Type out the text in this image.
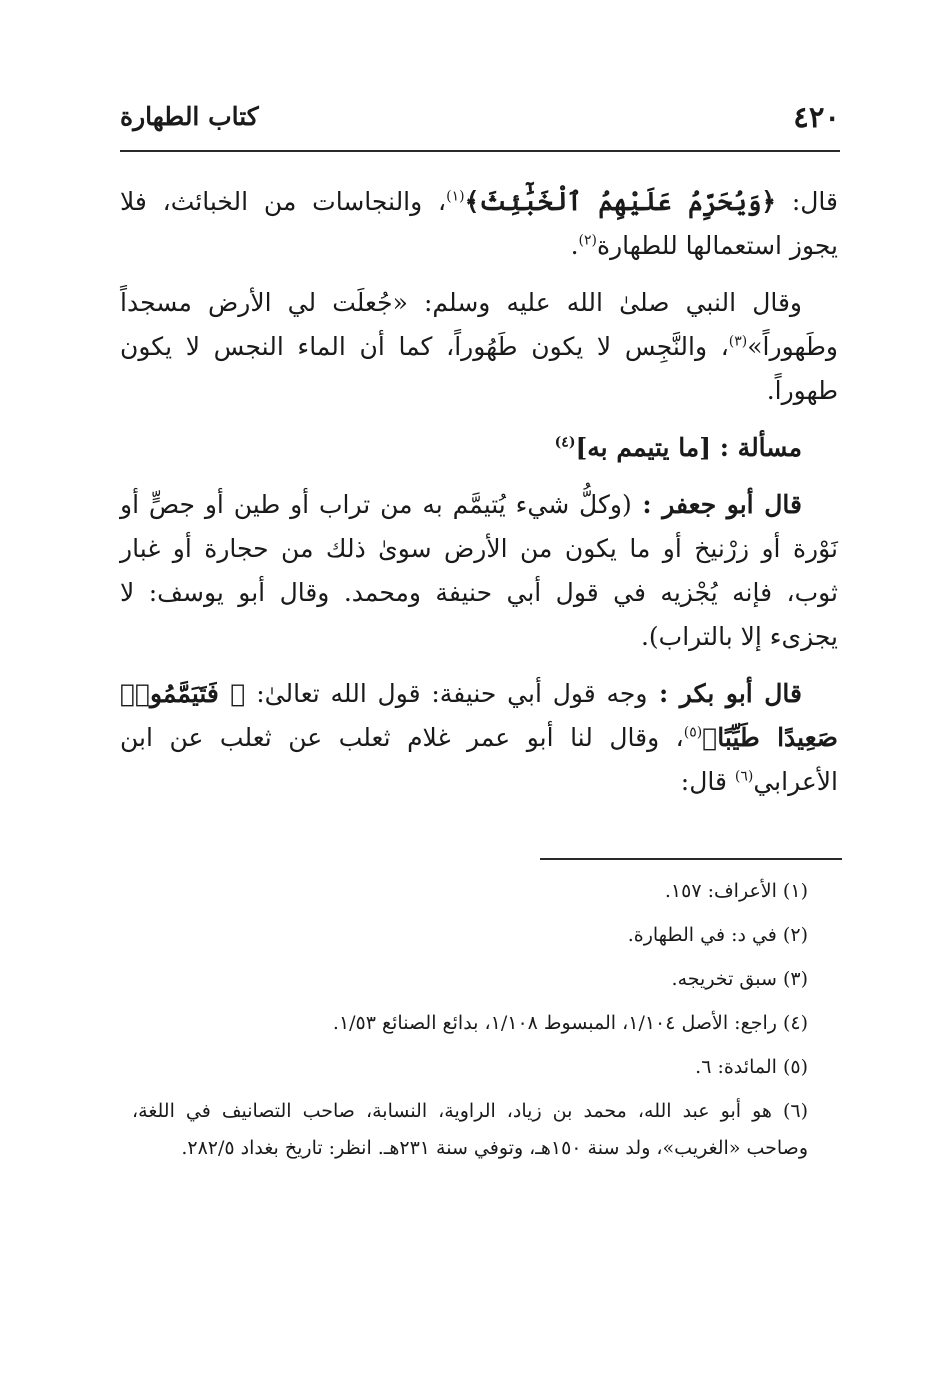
٤٢٠
كتاب الطهارة

قال: ﴿وَيُحَرِّمُ عَلَيْهِمُ ٱلْخَبَٰٓئِثَ﴾$^{(١)}$، والنجاسات من الخبائث، فلا يجوز استعمالها للطهارة$^{(٢)}$.

وقال النبي صلىٰ الله عليه وسلم: «جُعلَت لي الأرض مسجداً وطَهوراً»$^{(٣)}$، والنَّجِس لا يكون طَهُوراً، كما أن الماء النجس لا يكون طهوراً.

مسألة : [ما يتيمم به]$^{(٤)}$

قال أبو جعفر : (وكلُّ شيء يُتيمَّم به من تراب أو طين أو جصٍّ أو نَوْرة أو زرْنيخ أو ما يكون من الأرض سوىٰ ذلك من حجارة أو غبار ثوب، فإنه يُجْزيه في قول أبي حنيفة ومحمد. وقال أبو يوسف: لا يجزىء إلا بالتراب).

قال أبو بكر : وجه قول أبي حنيفة: قول الله تعالىٰ: ﴿ فَتَيَمَّمُوا۟ صَعِيدًا طَيِّبًا﴾$^{(٥)}$، وقال لنا أبو عمر غلام ثعلب عن ثعلب عن ابن الأعرابي$^{(٦)}$ قال:

(١) الأعراف: ١٥٧.

(٢) في د: في الطهارة.

(٣) سبق تخريجه.

(٤) راجع: الأصل ١/١٠٤، المبسوط ١/١٠٨، بدائع الصنائع ١/٥٣.

(٥) المائدة: ٦.

(٦) هو أبو عبد الله، محمد بن زياد، الراوية، النسابة، صاحب التصانيف في اللغة، وصاحب «الغريب»، ولد سنة ١٥٠هـ، وتوفي سنة ٢٣١هـ. انظر: تاريخ بغداد ٢٨٢/٥.
